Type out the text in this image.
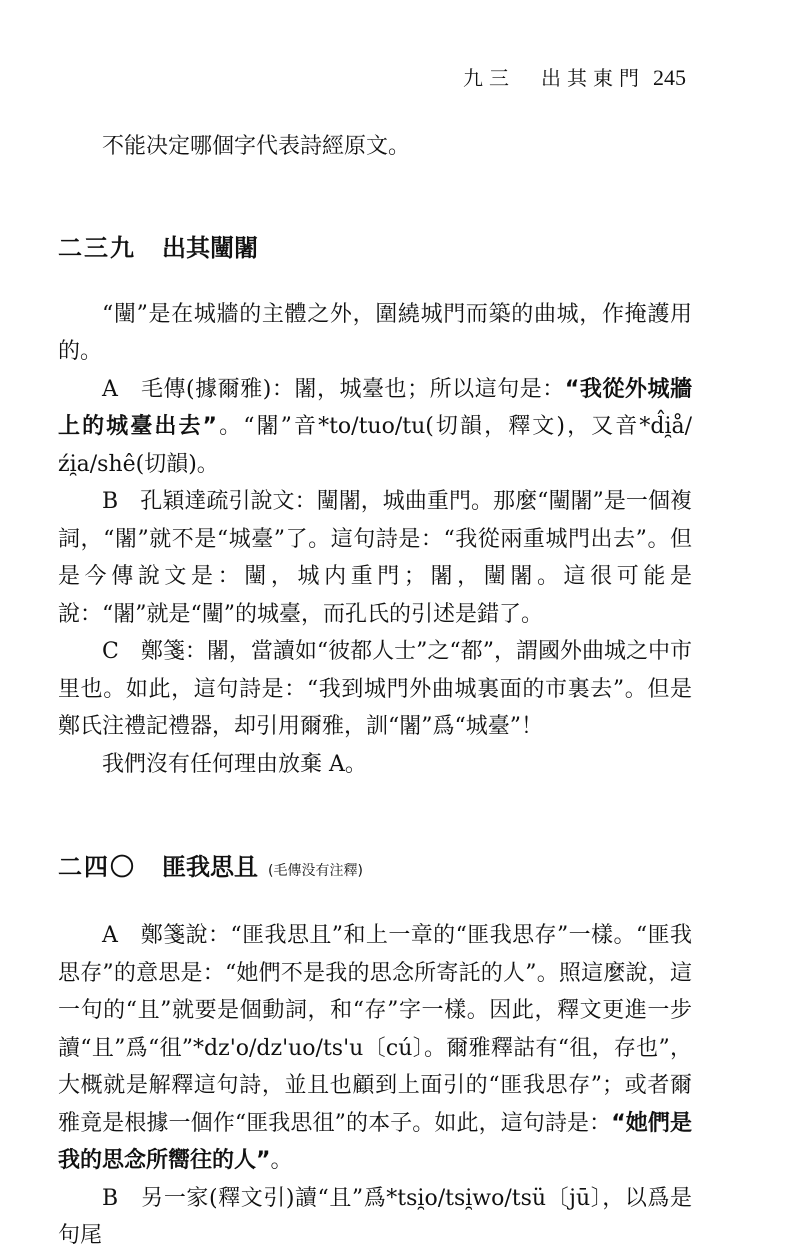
九三　出其東門 245

不能决定哪個字代表詩經原文。

二三九 出其闉闍

“闉”是在城牆的主體之外，圍繞城門而築的曲城，作掩護用的。

A　毛傳(據爾雅)：闍，城臺也；所以這句是：“我從外城牆上的城臺出去”。“闍”音*to/tuo/tu(切韻，釋文)，又音*d̂i̯å/źi̯a/shê(切韻)。

B　孔穎達疏引說文：闉闍，城曲重門。那麼“闉闍”是一個複詞，“闍”就不是“城臺”了。這句詩是：“我從兩重城門出去”。但是今傳說文是：闉，城内重門；闍，闉闍。這很可能是說：“闍”就是“闉”的城臺，而孔氏的引述是錯了。

C　鄭箋：闍，當讀如“彼都人士”之“都”，謂國外曲城之中市里也。如此，這句詩是：“我到城門外曲城裏面的市裏去”。但是鄭氏注禮記禮器，却引用爾雅，訓“闍”爲“城臺”！

我們沒有任何理由放棄 A。

二四〇 匪我思且 (毛傳没有注釋)

A　鄭箋說：“匪我思且”和上一章的“匪我思存”一樣。“匪我思存”的意思是：“她們不是我的思念所寄託的人”。照這麼說，這一句的“且”就要是個動詞，和“存”字一樣。因此，釋文更進一步讀“且”爲“徂”*dz'o/dz'uo/ts'u〔cú〕。爾雅釋詁有“徂，存也”，大概就是解釋這句詩，並且也顧到上面引的“匪我思存”；或者爾雅竟是根據一個作“匪我思徂”的本子。如此，這句詩是：“她們是我的思念所嚮往的人”。

B　另一家(釋文引)讀“且”爲*tsi̯o/tsi̯wo/tsü〔jū〕，以爲是句尾
